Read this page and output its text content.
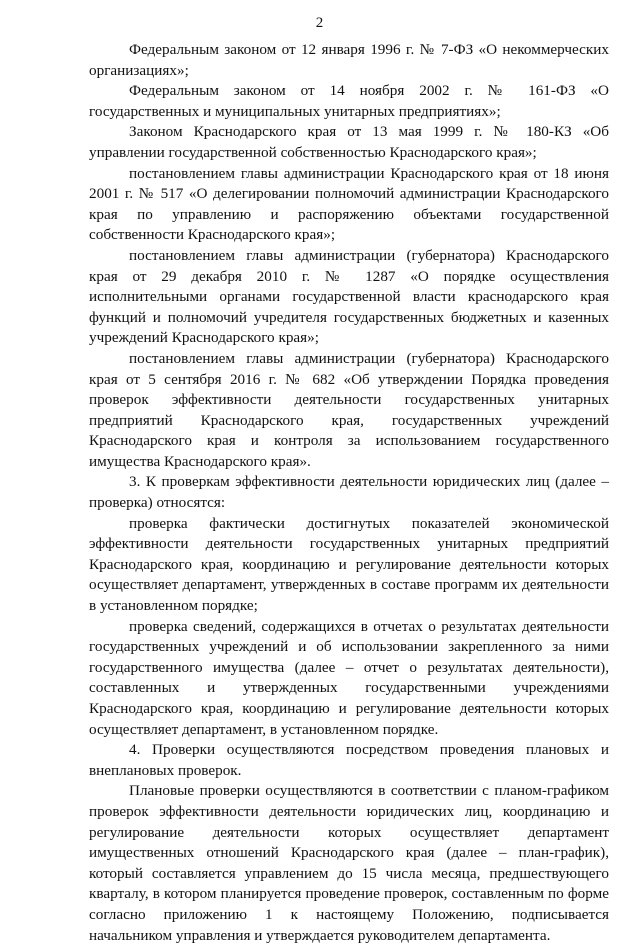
2

Федеральным законом от 12 января 1996 г. № 7-ФЗ «О некоммерческих организациях»;

Федеральным законом от 14 ноября 2002 г. № 161-ФЗ «О государственных и муниципальных унитарных предприятиях»;

Законом Краснодарского края от 13 мая 1999 г. № 180-КЗ «Об управлении государственной собственностью Краснодарского края»;

постановлением главы администрации Краснодарского края от 18 июня 2001 г. № 517 «О делегировании полномочий администрации Краснодарского края по управлению и распоряжению объектами государственной собственности Краснодарского края»;

постановлением главы администрации (губернатора) Краснодарского края от 29 декабря 2010 г. № 1287 «О порядке осуществления исполнительными органами государственной власти краснодарского края функций и полномочий учредителя государственных бюджетных и казенных учреждений Краснодарского края»;

постановлением главы администрации (губернатора) Краснодарского края от 5 сентября 2016 г. № 682 «Об утверждении Порядка проведения проверок эффективности деятельности государственных унитарных предприятий Краснодарского края, государственных учреждений Краснодарского края и контроля за использованием государственного имущества Краснодарского края».

3. К проверкам эффективности деятельности юридических лиц (далее – проверка) относятся:

проверка фактически достигнутых показателей экономической эффективности деятельности государственных унитарных предприятий Краснодарского края, координацию и регулирование деятельности которых осуществляет департамент, утвержденных в составе программ их деятельности в установленном порядке;

проверка сведений, содержащихся в отчетах о результатах деятельности государственных учреждений и об использовании закрепленного за ними государственного имущества (далее – отчет о результатах деятельности), составленных и утвержденных государственными учреждениями Краснодарского края, координацию и регулирование деятельности которых осуществляет департамент, в установленном порядке.

4. Проверки осуществляются посредством проведения плановых и внеплановых проверок.

Плановые проверки осуществляются в соответствии с планом-графиком проверок эффективности деятельности юридических лиц, координацию и регулирование деятельности которых осуществляет департамент имущественных отношений Краснодарского края (далее – план-график), который составляется управлением до 15 числа месяца, предшествующего кварталу, в котором планируется проведение проверок, составленным по форме согласно приложению 1 к настоящему Положению, подписывается начальником управления и утверждается руководителем департамента.
